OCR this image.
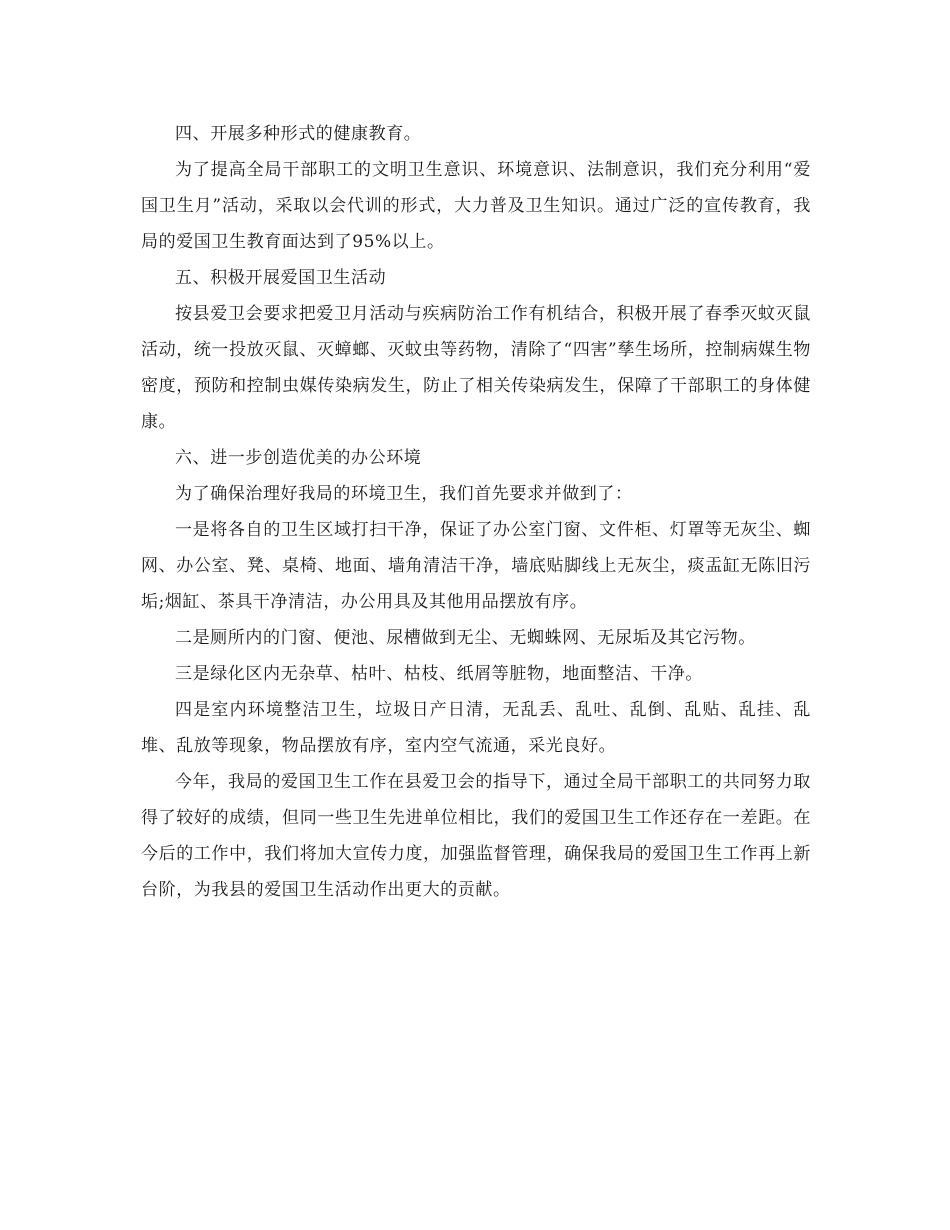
四、开展多种形式的健康教育。

为了提高全局干部职工的文明卫生意识、环境意识、法制意识，我们充分利用“爱国卫生月”活动，采取以会代训的形式，大力普及卫生知识。通过广泛的宣传教育，我局的爱国卫生教育面达到了95%以上。

五、积极开展爱国卫生活动

按县爱卫会要求把爱卫月活动与疾病防治工作有机结合，积极开展了春季灭蚊灭鼠活动，统一投放灭鼠、灭蟑螂、灭蚊虫等药物，清除了“四害”孳生场所，控制病媒生物密度，预防和控制虫媒传染病发生，防止了相关传染病发生，保障了干部职工的身体健康。

六、进一步创造优美的办公环境

为了确保治理好我局的环境卫生，我们首先要求并做到了：

一是将各自的卫生区域打扫干净，保证了办公室门窗、文件柜、灯罩等无灰尘、蜘网、办公室、凳、桌椅、地面、墙角清洁干净，墙底贴脚线上无灰尘，痰盂缸无陈旧污垢;烟缸、茶具干净清洁，办公用具及其他用品摆放有序。

二是厕所内的门窗、便池、尿槽做到无尘、无蜘蛛网、无尿垢及其它污物。

三是绿化区内无杂草、枯叶、枯枝、纸屑等脏物，地面整洁、干净。

四是室内环境整洁卫生，垃圾日产日清，无乱丢、乱吐、乱倒、乱贴、乱挂、乱堆、乱放等现象，物品摆放有序，室内空气流通，采光良好。

今年，我局的爱国卫生工作在县爱卫会的指导下，通过全局干部职工的共同努力取得了较好的成绩，但同一些卫生先进单位相比，我们的爱国卫生工作还存在一差距。在今后的工作中，我们将加大宣传力度，加强监督管理，确保我局的爱国卫生工作再上新台阶，为我县的爱国卫生活动作出更大的贡献。
